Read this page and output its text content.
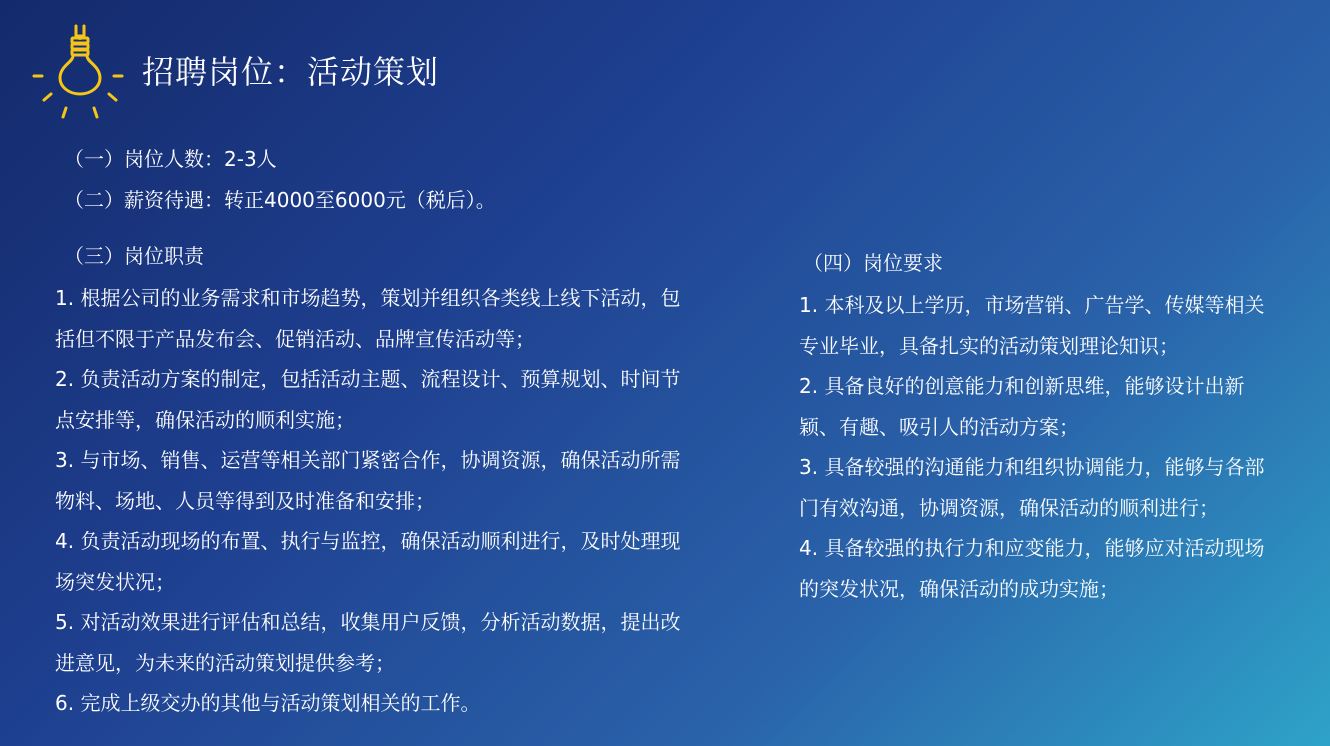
招聘岗位：活动策划
（一）岗位人数：2-3人
（二）薪资待遇：转正4000至6000元（税后）。
（三）岗位职责
1. 根据公司的业务需求和市场趋势，策划并组织各类线上线下活动，包括但不限于产品发布会、促销活动、品牌宣传活动等；
2. 负责活动方案的制定，包括活动主题、流程设计、预算规划、时间节点安排等，确保活动的顺利实施；
3. 与市场、销售、运营等相关部门紧密合作，协调资源，确保活动所需物料、场地、人员等得到及时准备和安排；
4. 负责活动现场的布置、执行与监控，确保活动顺利进行，及时处理现场突发状况；
5. 对活动效果进行评估和总结，收集用户反馈，分析活动数据，提出改进意见，为未来的活动策划提供参考；
6. 完成上级交办的其他与活动策划相关的工作。
（四）岗位要求
1. 本科及以上学历，市场营销、广告学、传媒等相关专业毕业，具备扎实的活动策划理论知识；
2. 具备良好的创意能力和创新思维，能够设计出新颖、有趣、吸引人的活动方案；
3. 具备较强的沟通能力和组织协调能力，能够与各部门有效沟通，协调资源，确保活动的顺利进行；
4. 具备较强的执行力和应变能力，能够应对活动现场的突发状况，确保活动的成功实施；
